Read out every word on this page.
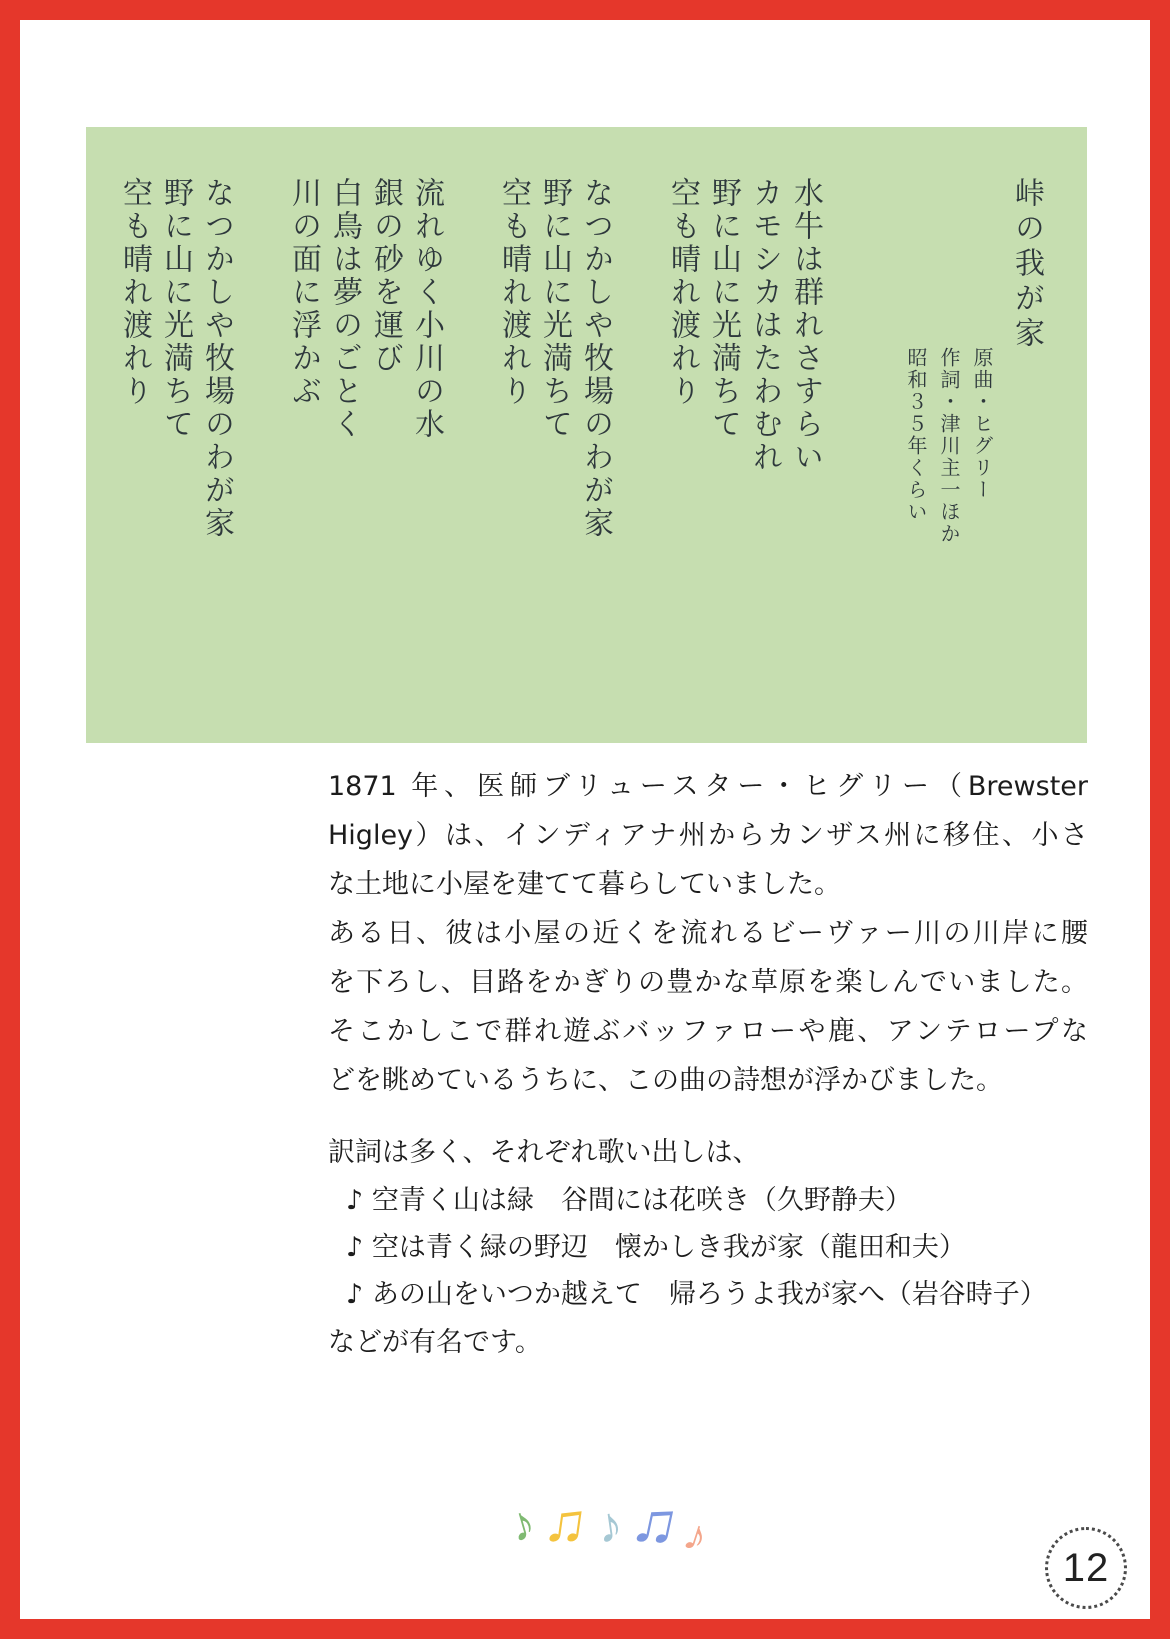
峠の我が家
原曲・ヒグリー
作詞・津川主一ほか
昭和３５年くらい
水牛は群れさすらい
カモシカはたわむれ
野に山に光満ちて
空も晴れ渡れり
なつかしや牧場のわが家
野に山に光満ちて
空も晴れ渡れり
流れゆく小川の水
銀の砂を運び
白鳥は夢のごとく
川の面に浮かぶ
なつかしや牧場のわが家
野に山に光満ちて
空も晴れ渡れり
1871 年、医師ブリュースター・ヒグリー（Brewster
Higley）は、インディアナ州からカンザス州に移住、小さ
な土地に小屋を建てて暮らしていました。
ある日、彼は小屋の近くを流れるビーヴァー川の川岸に腰
を下ろし、目路をかぎりの豊かな草原を楽しんでいました。
そこかしこで群れ遊ぶバッファローや鹿、アンテロープな
どを眺めているうちに、この曲の詩想が浮かびました。
訳詞は多く、それぞれ歌い出しは、
♪ 空青く山は緑　谷間には花咲き（久野静夫）
♪ 空は青く緑の野辺　懐かしき我が家（龍田和夫）
♪ あの山をいつか越えて　帰ろうよ我が家へ（岩谷時子）
などが有名です。
♪
♫ ♪ ♫
♪
12
